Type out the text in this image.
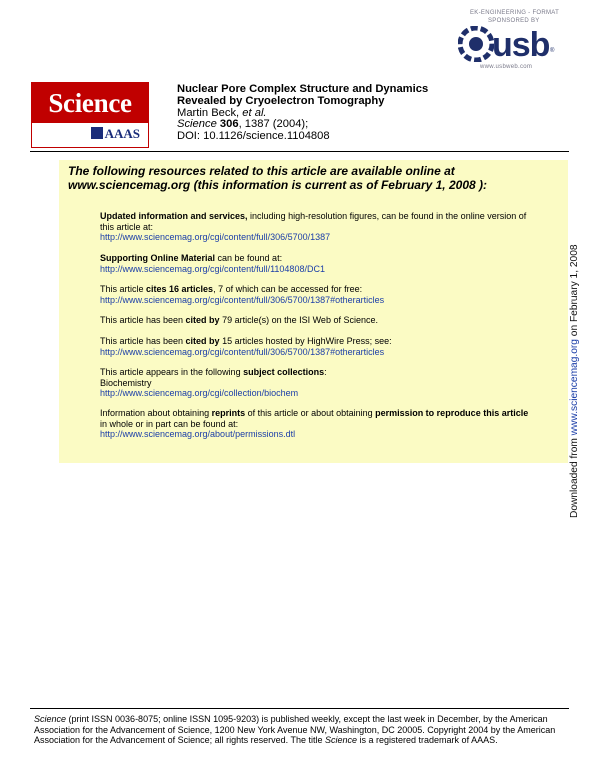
EK-ENGINEERING - FORMAT
SPONSORED BY
usb ®
www.usbweb.com
Science
AAAS
Nuclear Pore Complex Structure and Dynamics
Revealed by Cryoelectron Tomography
Martin Beck, et al.
Science 306, 1387 (2004);
DOI: 10.1126/science.1104808
The following resources related to this article are available online at
www.sciencemag.org (this information is current as of February 1, 2008 ):
Updated information and services, including high-resolution figures, can be found in the online version of this article at:
http://www.sciencemag.org/cgi/content/full/306/5700/1387
Supporting Online Material can be found at:
http://www.sciencemag.org/cgi/content/full/1104808/DC1
This article cites 16 articles, 7 of which can be accessed for free:
http://www.sciencemag.org/cgi/content/full/306/5700/1387#otherarticles
This article has been cited by 79 article(s) on the ISI Web of Science.
This article has been cited by 15 articles hosted by HighWire Press; see:
http://www.sciencemag.org/cgi/content/full/306/5700/1387#otherarticles
This article appears in the following subject collections:
Biochemistry
http://www.sciencemag.org/cgi/collection/biochem
Information about obtaining reprints of this article or about obtaining permission to reproduce this article in whole or in part can be found at:
http://www.sciencemag.org/about/permissions.dtl
Downloaded from www.sciencemag.org on February 1, 2008
Science (print ISSN 0036-8075; online ISSN 1095-9203) is published weekly, except the last week in December, by the American Association for the Advancement of Science, 1200 New York Avenue NW, Washington, DC 20005. Copyright 2004 by the American Association for the Advancement of Science; all rights reserved. The title Science is a registered trademark of AAAS.
